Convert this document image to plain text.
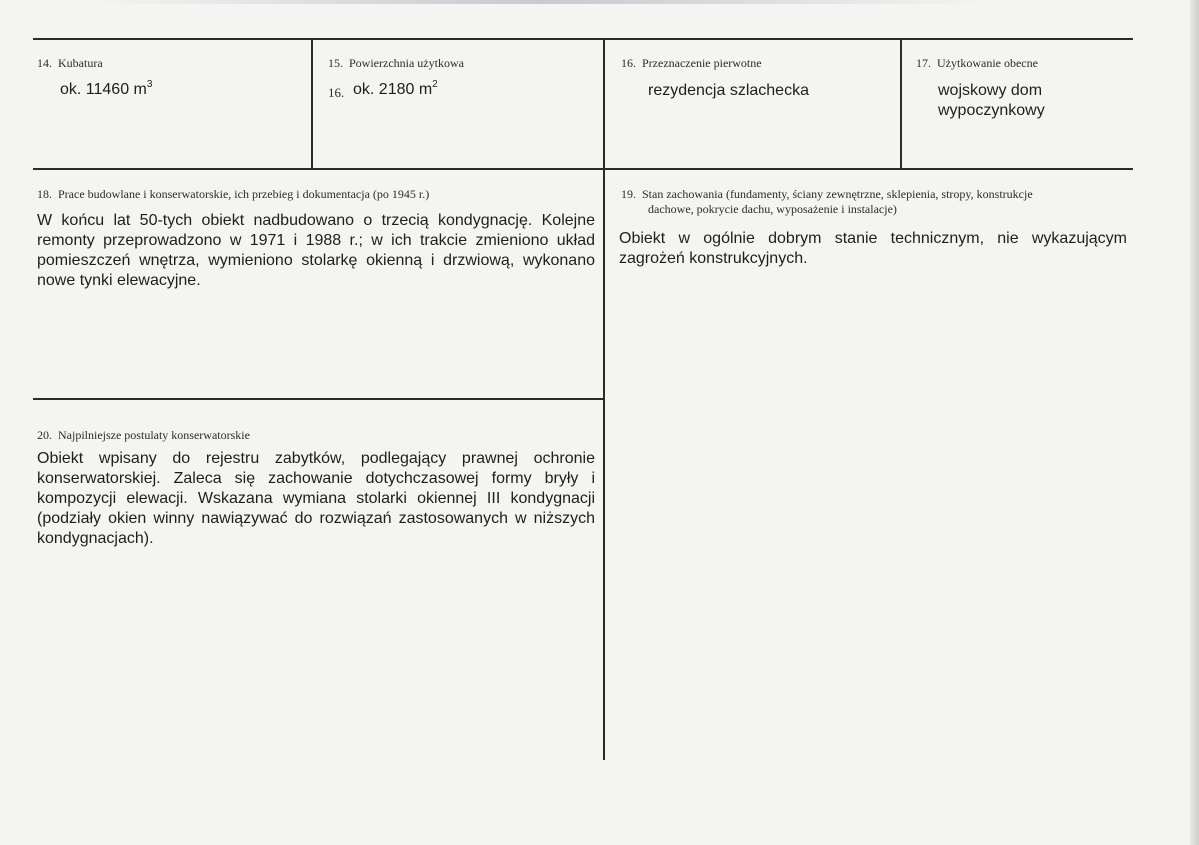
14. Kubatura
ok. 11460 $m^3$
15. Powierzchnia użytkowa
16. ok. 2180 $m^2$
16. Przeznaczenie pierwotne
rezydencja szlachecka
17. Użytkowanie obecne
wojskowy dom
wypoczynkowy
18. Prace budowlane i konserwatorskie, ich przebieg i dokumentacja (po 1945 r.)
W końcu lat 50-tych obiekt nadbudowano o trzecią kondygnację. Kolejne remonty przeprowadzono w 1971 i 1988 r.; w ich trakcie zmieniono układ pomieszczeń wnętrza, wymieniono stolarkę okienną i drzwiową, wykonano nowe tynki elewacyjne.
19. Stan zachowania (fundamenty, ściany zewnętrzne, sklepienia, stropy, konstrukcje
dachowe, pokrycie dachu, wyposażenie i instalacje)
Obiekt w ogólnie dobrym stanie technicznym, nie wykazującym zagrożeń konstrukcyjnych.
20. Najpilniejsze postulaty konserwatorskie
Obiekt wpisany do rejestru zabytków, podlegający prawnej ochronie konserwatorskiej. Zaleca się zachowanie dotychczasowej formy bryły i kompozycji elewacji. Wskazana wymiana stolarki okiennej III kondygnacji (podziały okien winny nawiązywać do rozwiązań zastosowanych w niższych kondygnacjach).
